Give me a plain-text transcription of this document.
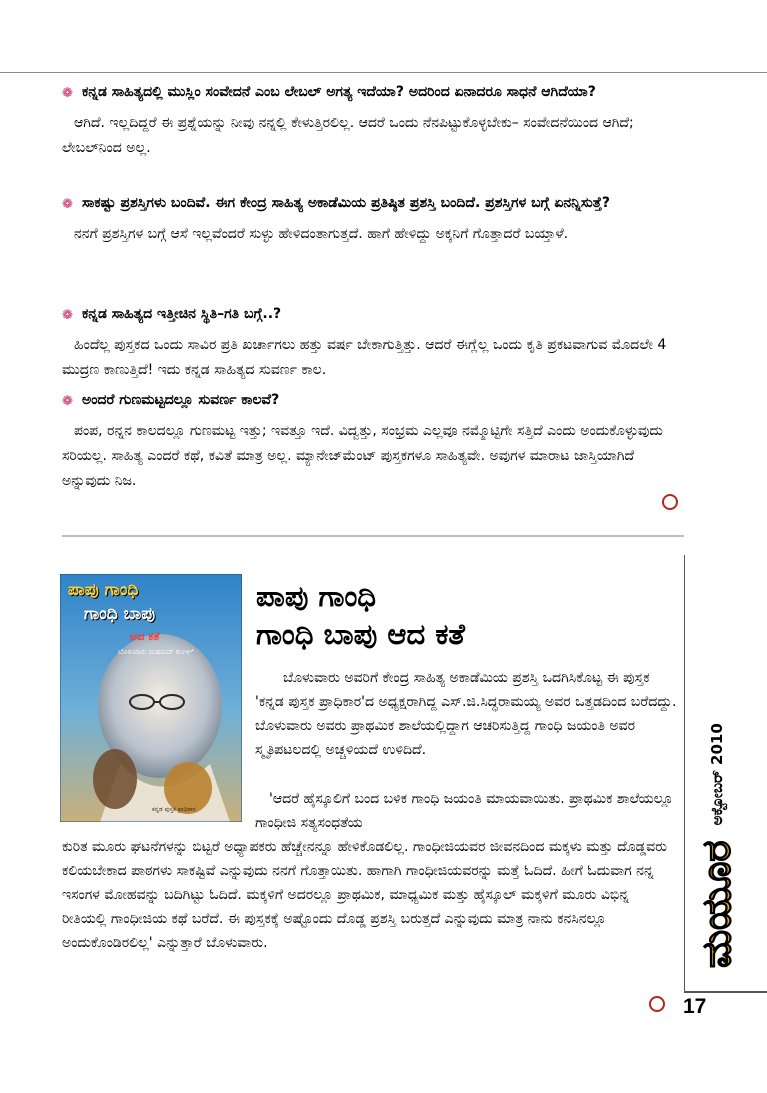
❁ ಕನ್ನಡ ಸಾಹಿತ್ಯದಲ್ಲಿ ಮುಸ್ಲಿಂ ಸಂವೇದನೆ ಎಂಬ ಲೇಬಲ್ ಅಗತ್ಯ ಇದೆಯಾ? ಅದರಿಂದ ಏನಾದರೂ ಸಾಧನೆ ಆಗಿದೆಯಾ?

ಆಗಿದೆ. ಇಲ್ಲದಿದ್ದರೆ ಈ ಪ್ರಶ್ನೆಯನ್ನು ನೀವು ನನ್ನಲ್ಲಿ ಕೇಳುತ್ತಿರಲಿಲ್ಲ. ಆದರೆ ಒಂದು ನೆನಪಿಟ್ಟುಕೊಳ್ಳಬೇಕು– ಸಂವೇದನೆಯಿಂದ ಆಗಿದೆ; ಲೇಬಲ್‌ನಿಂದ ಅಲ್ಲ.

❁ ಸಾಕಷ್ಟು ಪ್ರಶಸ್ತಿಗಳು ಬಂದಿವೆ. ಈಗ ಕೇಂದ್ರ ಸಾಹಿತ್ಯ ಅಕಾಡೆಮಿಯ ಪ್ರತಿಷ್ಠಿತ ಪ್ರಶಸ್ತಿ ಬಂದಿದೆ. ಪ್ರಶಸ್ತಿಗಳ ಬಗ್ಗೆ ಏನನ್ನಿಸುತ್ತೆ?

ನನಗೆ ಪ್ರಶಸ್ತಿಗಳ ಬಗ್ಗೆ ಆಸೆ ಇಲ್ಲವೆಂದರೆ ಸುಳ್ಳು ಹೇಳಿದಂತಾಗುತ್ತದೆ. ಹಾಗೆ ಹೇಳಿದ್ದು ಅಕ್ಕನಿಗೆ ಗೊತ್ತಾದರೆ ಬಯ್ತಾಳೆ.

❁ ಕನ್ನಡ ಸಾಹಿತ್ಯದ ಇತ್ತೀಚಿನ ಸ್ಥಿತಿ–ಗತಿ ಬಗ್ಗೆ..?

ಹಿಂದೆಲ್ಲ ಪುಸ್ತಕದ ಒಂದು ಸಾವಿರ ಪ್ರತಿ ಖರ್ಚಾಗಲು ಹತ್ತು ವರ್ಷ ಬೇಕಾಗುತ್ತಿತ್ತು. ಆದರೆ ಈಗ್ಲೆಲ್ಲ ಒಂದು ಕೃತಿ ಪ್ರಕಟವಾಗುವ ಮೊದಲೇ 4 ಮುದ್ರಣ ಕಾಣುತ್ತಿದೆ! ಇದು ಕನ್ನಡ ಸಾಹಿತ್ಯದ ಸುವರ್ಣ ಕಾಲ.

❁ ಅಂದರೆ ಗುಣಮಟ್ಟದಲ್ಲೂ ಸುವರ್ಣ ಕಾಲವೆ?

ಪಂಪ, ರನ್ನನ ಕಾಲದಲ್ಲೂ ಗುಣಮಟ್ಟ ಇತ್ತು; ಇವತ್ತೂ ಇದೆ. ವಿದ್ವತ್ತು, ಸಂಭ್ರಮ ಎಲ್ಲವೂ ನಮ್ಮೊಟ್ಟಿಗೇ ಸತ್ತಿದೆ ಎಂದು ಅಂದುಕೊಳ್ಳುವುದು ಸರಿಯಲ್ಲ. ಸಾಹಿತ್ಯ ಎಂದರೆ ಕಥೆ, ಕವಿತೆ ಮಾತ್ರ ಅಲ್ಲ. ಮ್ಯಾನೇಜ್‌ಮೆಂಟ್ ಪುಸ್ತಕಗಳೂ ಸಾಹಿತ್ಯವೇ. ಅವುಗಳ ಮಾರಾಟ ಜಾಸ್ತಿಯಾಗಿದೆ ಅನ್ನುವುದು ನಿಜ.

ಪಾಪು ಗಾಂಧಿ
ಗಾಂಧಿ ಬಾಪು
ಆದ ಕತೆ
ಬೊಳುವಾರು ಮಹಮದ್ ಕುಂಞಿ
ಕನ್ನಡ ಪುಸ್ತಕ ಪ್ರಾಧಿಕಾರ
ಪಾಪು ಗಾಂಧಿ
ಗಾಂಧಿ ಬಾಪು ಆದ ಕತೆ

ಬೊಳುವಾರು ಅವರಿಗೆ ಕೇಂದ್ರ ಸಾಹಿತ್ಯ ಅಕಾಡೆಮಿಯ ಪ್ರಶಸ್ತಿ ಒದಗಿಸಿಕೊಟ್ಟ ಈ ಪುಸ್ತಕ 'ಕನ್ನಡ ಪುಸ್ತಕ ಪ್ರಾಧಿಕಾರ'ದ ಅಧ್ಯಕ್ಷರಾಗಿದ್ದ ಎಸ್.ಜಿ.ಸಿದ್ಧರಾಮಯ್ಯ ಅವರ ಒತ್ತಡದಿಂದ ಬರೆದದ್ದು. ಬೊಳುವಾರು ಅವರು ಪ್ರಾಥಮಿಕ ಶಾಲೆಯಲ್ಲಿದ್ದಾಗ ಆಚರಿಸುತ್ತಿದ್ದ ಗಾಂಧಿ ಜಯಂತಿ ಅವರ ಸ್ಮೃತಿಪಟಲದಲ್ಲಿ ಅಚ್ಚಳಿಯದೆ ಉಳಿದಿದೆ.

'ಆದರೆ ಹೈಸ್ಕೂಲಿಗೆ ಬಂದ ಬಳಿಕ ಗಾಂಧಿ ಜಯಂತಿ ಮಾಯವಾಯಿತು. ಪ್ರಾಥಮಿಕ ಶಾಲೆಯಲ್ಲೂ ಗಾಂಧೀಜಿ ಸತ್ಯಸಂಧತೆಯ

ಕುರಿತ ಮೂರು ಘಟನೆಗಳನ್ನು ಬಿಟ್ಟರೆ ಅಧ್ಯಾಪಕರು ಹೆಚ್ಚೇನನ್ನೂ ಹೇಳಿಕೊಡಲಿಲ್ಲ. ಗಾಂಧೀಜಿಯವರ ಜೀವನದಿಂದ ಮಕ್ಕಳು ಮತ್ತು ದೊಡ್ಡವರು ಕಲಿಯಬೇಕಾದ ಪಾಠಗಳು ಸಾಕಷ್ಟಿವೆ ಎನ್ನುವುದು ನನಗೆ ಗೊತ್ತಾಯಿತು. ಹಾಗಾಗಿ ಗಾಂಧೀಜಿಯವರನ್ನು ಮತ್ತೆ ಓದಿದೆ. ಹೀಗೆ ಓದುವಾಗ ನನ್ನ ಇಸಂಗಳ ಮೋಹವನ್ನು ಬದಿಗಿಟ್ಟು ಓದಿದೆ. ಮಕ್ಕಳಿಗೆ ಅದರಲ್ಲೂ ಪ್ರಾಥಮಿಕ, ಮಾಧ್ಯಮಿಕ ಮತ್ತು ಹೈಸ್ಕೂಲ್ ಮಕ್ಕಳಿಗೆ ಮೂರು ವಿಭಿನ್ನ ರೀತಿಯಲ್ಲಿ ಗಾಂಧೀಜಿಯ ಕಥೆ ಬರೆದೆ. ಈ ಪುಸ್ತಕಕ್ಕೆ ಅಷ್ಟೊಂದು ದೊಡ್ಡ ಪ್ರಶಸ್ತಿ ಬರುತ್ತದೆ ಎನ್ನುವುದು ಮಾತ್ರ ನಾನು ಕನಸಿನಲ್ಲೂ ಅಂದುಕೊಂಡಿರಲಿಲ್ಲ' ಎನ್ನುತ್ತಾರೆ ಬೊಳುವಾರು.	ಮಯೂರ ಅಕ್ಟೋಬರ್ 2010
17
